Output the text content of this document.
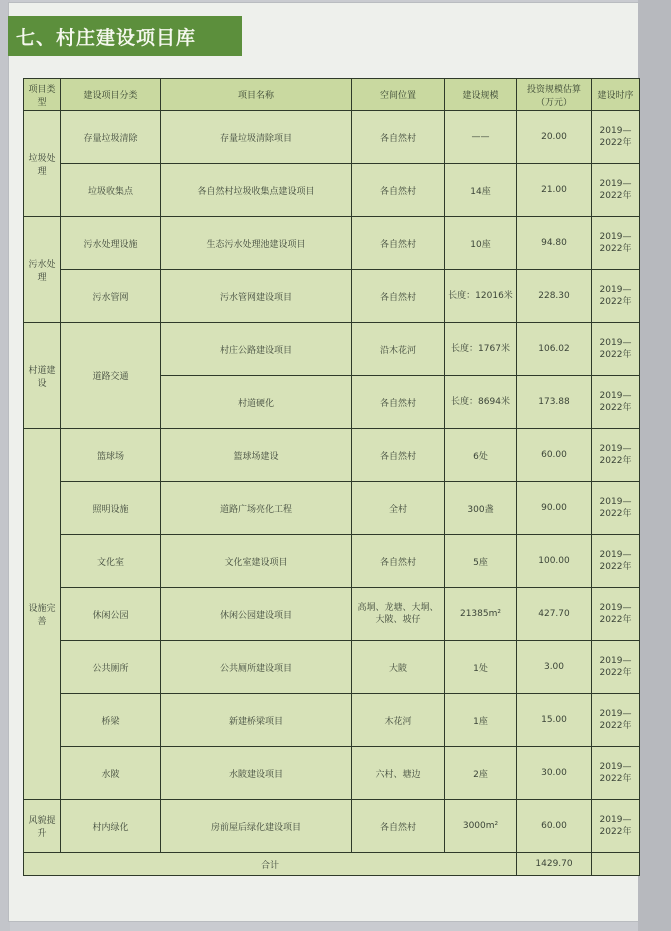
七、村庄建设项目库
项目类型	建设项目分类	项目名称	空间位置	建设规模	投资规模估算（万元）	建设时序
垃圾处理	存量垃圾清除	存量垃圾清除项目	各自然村	——	20.00	2019—2022年
	垃圾收集点	各自然村垃圾收集点建设项目	各自然村	14座	21.00	2019—2022年
污水处理	污水处理设施	生态污水处理池建设项目	各自然村	10座	94.80	2019—2022年
	污水管网	污水管网建设项目	各自然村	长度：12016米	228.30	2019—2022年
村道建设	道路交通	村庄公路建设项目	沿木花河	长度：1767米	106.02	2019—2022年
		村道硬化	各自然村	长度：8694米	173.88	2019—2022年
设施完善	篮球场	篮球场建设	各自然村	6处	60.00	2019—2022年
	照明设施	道路广场亮化工程	全村	300盏	90.00	2019—2022年
	文化室	文化室建设项目	各自然村	5座	100.00	2019—2022年
	休闲公园	休闲公园建设项目	高垌、龙塘、大垌、大陂、坡仔	21385m²	427.70	2019—2022年
	公共厕所	公共厕所建设项目	大陂	1处	3.00	2019—2022年
	桥梁	新建桥梁项目	木花河	1座	15.00	2019—2022年
	水陂	水陂建设项目	六村、塘边	2座	30.00	2019—2022年
风貌提升	村内绿化	房前屋后绿化建设项目	各自然村	3000m²	60.00	2019—2022年
合计					1429.70	
